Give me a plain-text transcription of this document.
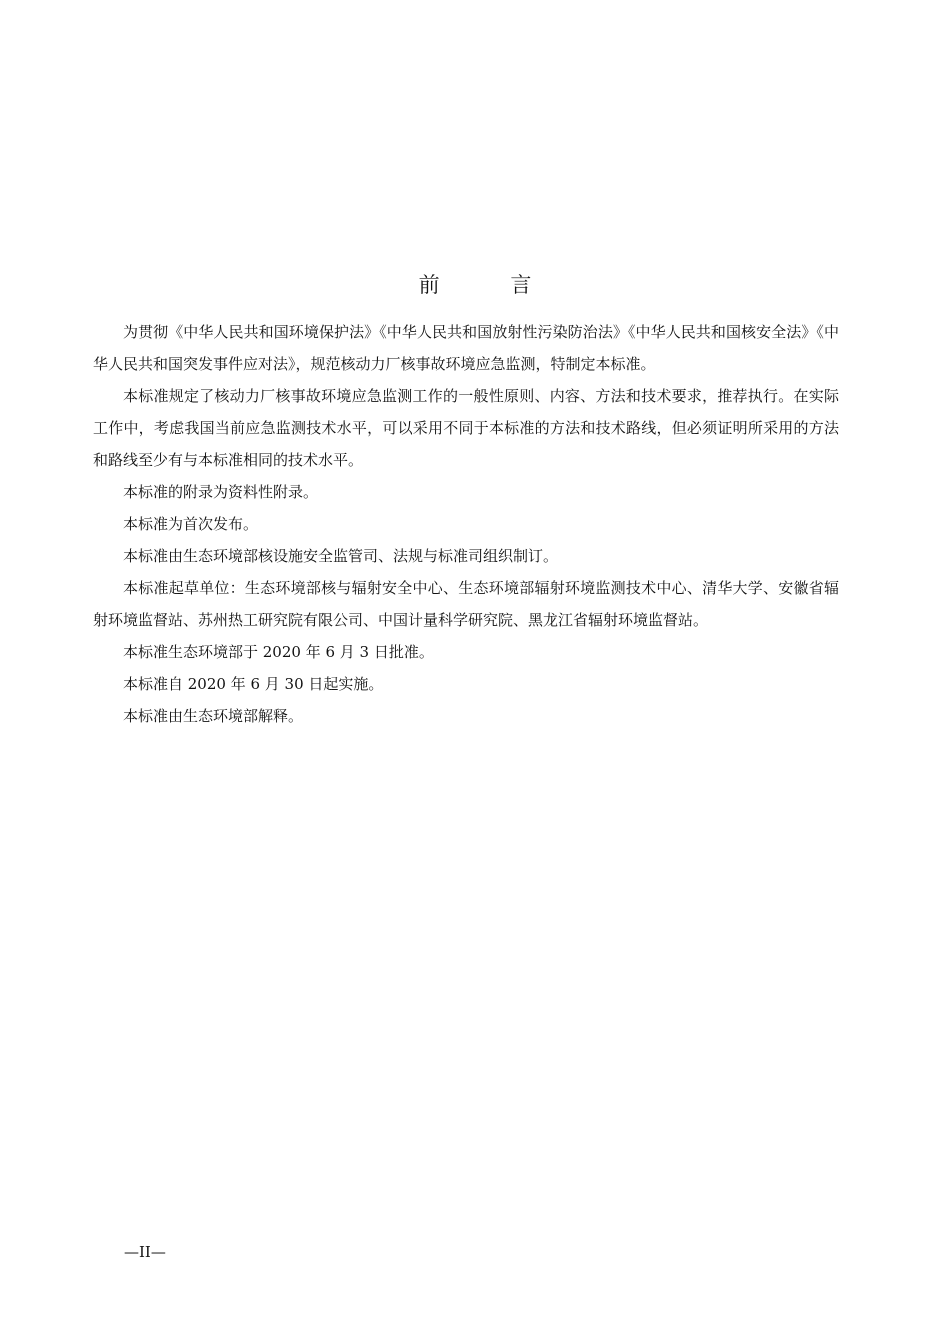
前 言

为贯彻《中华人民共和国环境保护法》《中华人民共和国放射性污染防治法》《中华人民共和国核安全法》《中华人民共和国突发事件应对法》，规范核动力厂核事故环境应急监测，特制定本标准。

本标准规定了核动力厂核事故环境应急监测工作的一般性原则、内容、方法和技术要求，推荐执行。在实际工作中，考虑我国当前应急监测技术水平，可以采用不同于本标准的方法和技术路线，但必须证明所采用的方法和路线至少有与本标准相同的技术水平。

本标准的附录为资料性附录。

本标准为首次发布。

本标准由生态环境部核设施安全监管司、法规与标准司组织制订。

本标准起草单位：生态环境部核与辐射安全中心、生态环境部辐射环境监测技术中心、清华大学、安徽省辐射环境监督站、苏州热工研究院有限公司、中国计量科学研究院、黑龙江省辐射环境监督站。

本标准生态环境部于 2020 年 6 月 3 日批准。

本标准自 2020 年 6 月 30 日起实施。

本标准由生态环境部解释。

—II—
